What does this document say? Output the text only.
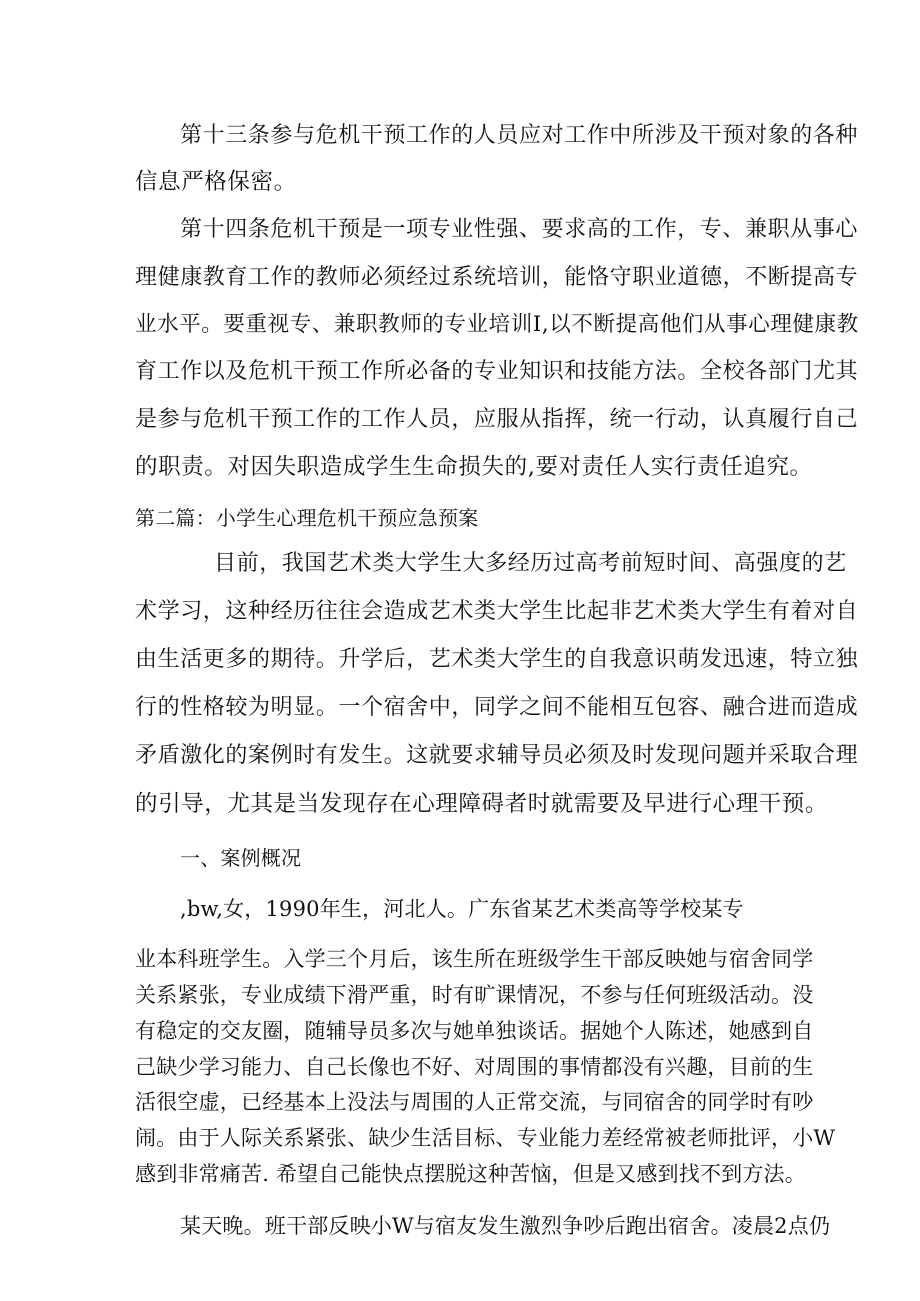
第十三条参与危机干预工作的人员应对工作中所涉及干预对象的各种
信息严格保密。
第十四条危机干预是一项专业性强、要求高的工作，专、兼职从事心
理健康教育工作的教师必须经过系统培训，能恪守职业道德，不断提高专
业水平。要重视专、兼职教师的专业培训I,以不断提高他们从事心理健康教
育工作以及危机干预工作所必备的专业知识和技能方法。全校各部门尤其
是参与危机干预工作的工作人员，应服从指挥，统一行动，认真履行自己
的职责。对因失职造成学生生命损失的,要对责任人实行责任追究。
第二篇：小学生心理危机干预应急预案
目前，我国艺术类大学生大多经历过高考前短时间、高强度的艺
术学习，这种经历往往会造成艺术类大学生比起非艺术类大学生有着对自
由生活更多的期待。升学后，艺术类大学生的自我意识萌发迅速，特立独
行的性格较为明显。一个宿舍中，同学之间不能相互包容、融合进而造成
矛盾激化的案例时有发生。这就要求辅导员必须及时发现问题并采取合理
的引导，尤其是当发现存在心理障碍者时就需要及早进行心理干预。
一、案例概况
,bw,女，1990年生，河北人。广东省某艺术类高等学校某专
业本科班学生。入学三个月后，该生所在班级学生干部反映她与宿舍同学
关系紧张，专业成绩下滑严重，时有旷课情况，不参与任何班级活动。没
有稳定的交友圈，随辅导员多次与她单独谈话。据她个人陈述，她感到自
己缺少学习能力、自己长像也不好、对周围的事情都没有兴趣，目前的生
活很空虚，已经基本上没法与周围的人正常交流，与同宿舍的同学时有吵
闹。由于人际关系紧张、缺少生活目标、专业能力差经常被老师批评，小W
感到非常痛苦. 希望自己能快点摆脱这种苦恼，但是又感到找不到方法。
某天晚。班干部反映小W与宿友发生激烈争吵后跑出宿舍。凌晨2点仍
